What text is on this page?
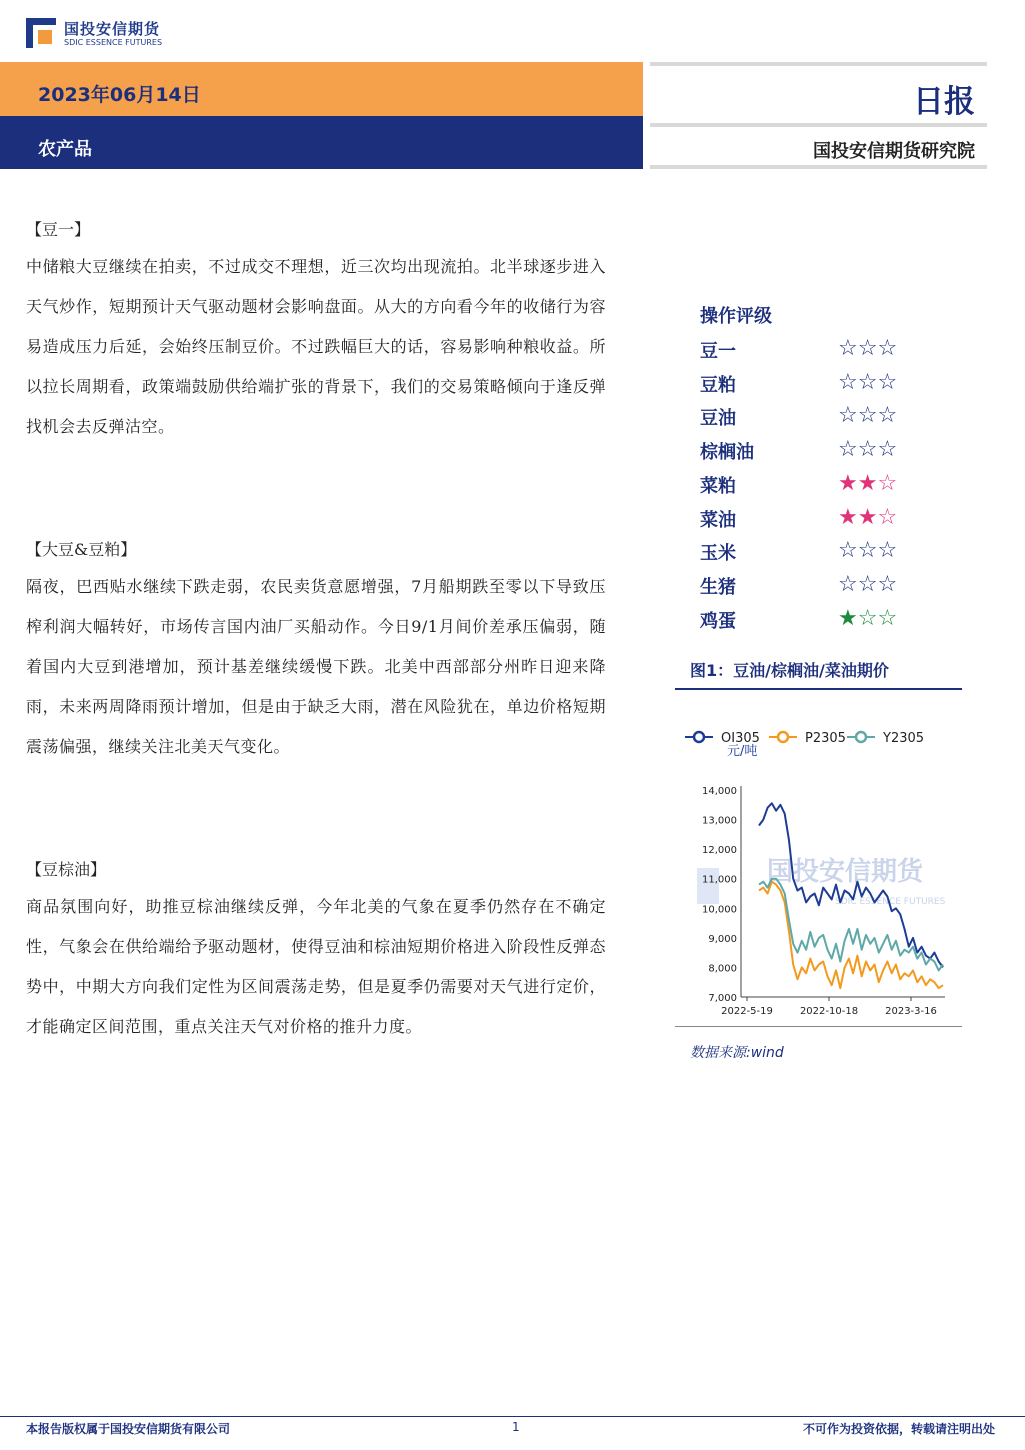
国投安信期货
SDIC ESSENCE FUTURES
2023年06月14日
农产品
日报
国投安信期货研究院
【豆一】
中储粮大豆继续在拍卖，不过成交不理想，近三次均出现流拍。北半球逐步进入天气炒作，短期预计天气驱动题材会影响盘面。从大的方向看今年的收储行为容易造成压力后延，会始终压制豆价。不过跌幅巨大的话，容易影响种粮收益。所以拉长周期看，政策端鼓励供给端扩张的背景下，我们的交易策略倾向于逢反弹找机会去反弹沽空。
【大豆&豆粕】
隔夜，巴西贴水继续下跌走弱，农民卖货意愿增强，7月船期跌至零以下导致压榨利润大幅转好，市场传言国内油厂买船动作。今日9/1月间价差承压偏弱，随着国内大豆到港增加，预计基差继续缓慢下跌。北美中西部部分州昨日迎来降雨，未来两周降雨预计增加，但是由于缺乏大雨，潜在风险犹在，单边价格短期震荡偏强，继续关注北美天气变化。
【豆棕油】
商品氛围向好，助推豆棕油继续反弹，今年北美的气象在夏季仍然存在不确定性，气象会在供给端给予驱动题材，使得豆油和棕油短期价格进入阶段性反弹态势中，中期大方向我们定性为区间震荡走势，但是夏季仍需要对天气进行定价，才能确定区间范围，重点关注天气对价格的推升力度。
操作评级
豆一	☆☆☆
豆粕	☆☆☆
豆油	☆☆☆
棕榈油	☆☆☆
菜粕	★★☆
菜油	★★☆
玉米	☆☆☆
生猪	☆☆☆
鸡蛋	★☆☆
图1：豆油/棕榈油/菜油期价
国投安信期货
SDIC ESSENCE FUTURES
OI305	P2305	Y2305
元/吨
14,000
13,000
12,000
11,000
10,000
9,000
8,000
7,000
2022-5-19	2022-10-18	2023-3-16
数据来源:wind
本报告版权属于国投安信期货有限公司	1	不可作为投资依据，转载请注明出处
